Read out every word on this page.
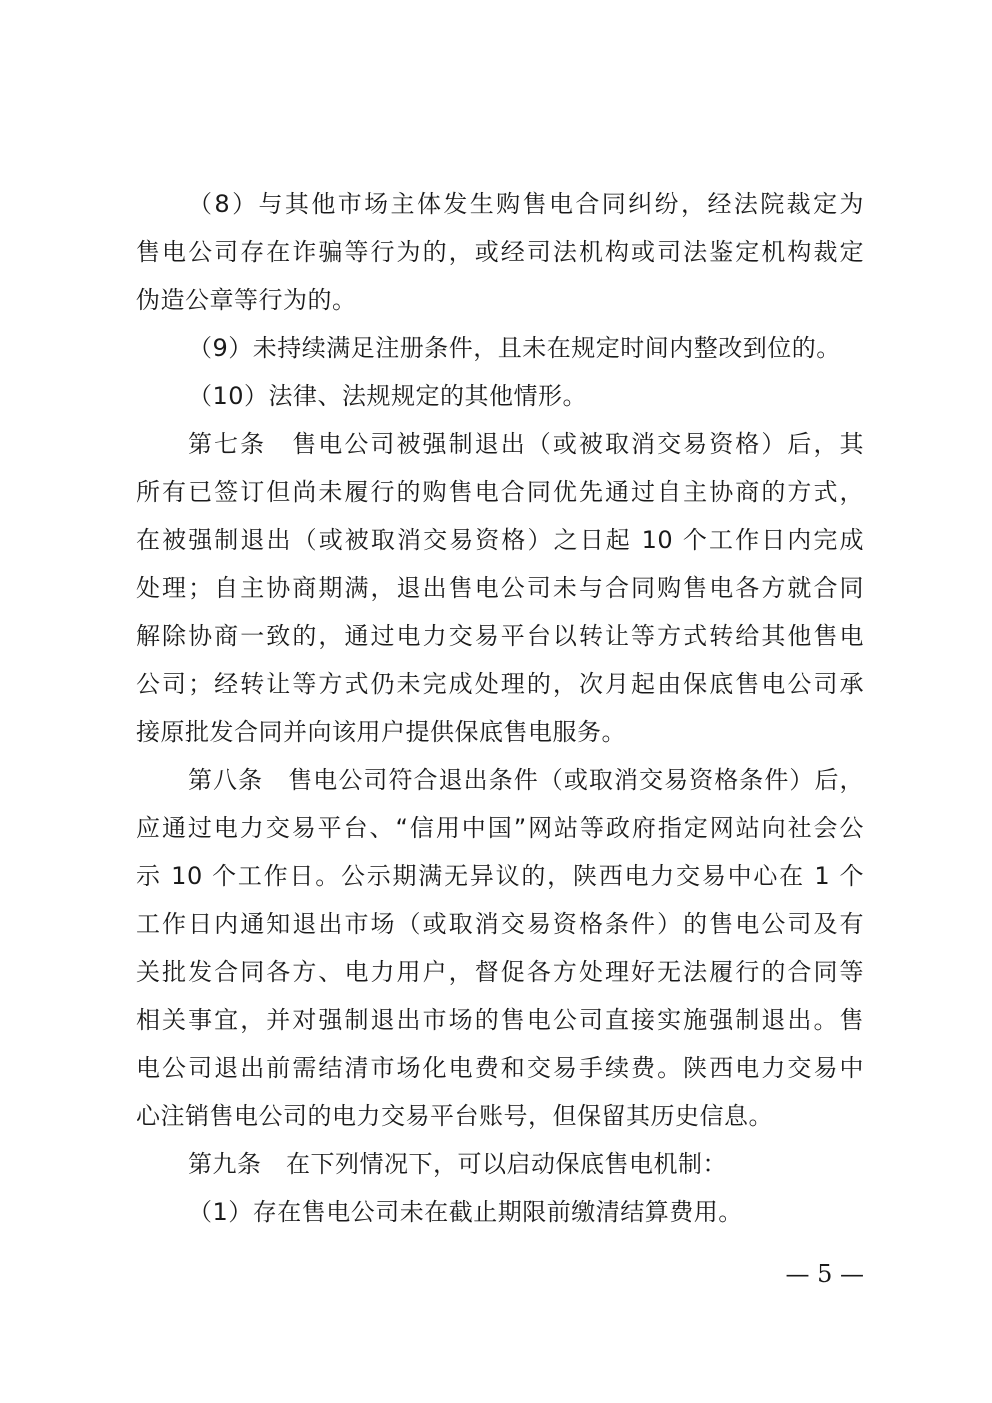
（8）与其他市场主体发生购售电合同纠纷，经法院裁定为
售电公司存在诈骗等行为的，或经司法机构或司法鉴定机构裁定
伪造公章等行为的。
（9）未持续满足注册条件，且未在规定时间内整改到位的。
（10）法律、法规规定的其他情形。
第七条　售电公司被强制退出（或被取消交易资格）后，其
所有已签订但尚未履行的购售电合同优先通过自主协商的方式，
在被强制退出（或被取消交易资格）之日起 10 个工作日内完成
处理；自主协商期满，退出售电公司未与合同购售电各方就合同
解除协商一致的，通过电力交易平台以转让等方式转给其他售电
公司；经转让等方式仍未完成处理的，次月起由保底售电公司承
接原批发合同并向该用户提供保底售电服务。
第八条　售电公司符合退出条件（或取消交易资格条件）后，
应通过电力交易平台、“信用中国”网站等政府指定网站向社会公
示 10 个工作日。公示期满无异议的，陕西电力交易中心在 1 个
工作日内通知退出市场（或取消交易资格条件）的售电公司及有
关批发合同各方、电力用户，督促各方处理好无法履行的合同等
相关事宜，并对强制退出市场的售电公司直接实施强制退出。售
电公司退出前需结清市场化电费和交易手续费。陕西电力交易中
心注销售电公司的电力交易平台账号，但保留其历史信息。
第九条　在下列情况下，可以启动保底售电机制：
（1）存在售电公司未在截止期限前缴清结算费用。
— 5 —
